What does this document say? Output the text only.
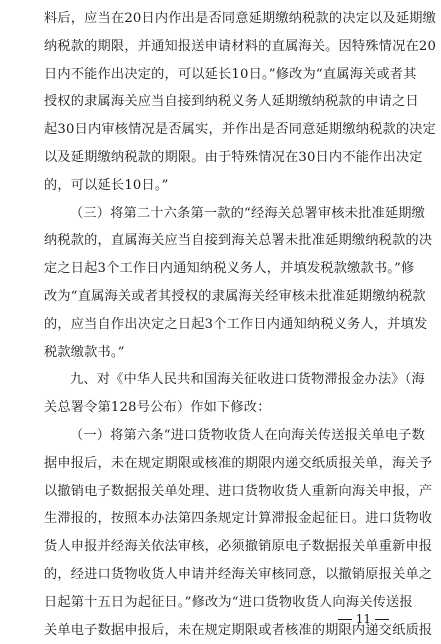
料后，应当在20日内作出是否同意延期缴纳税款的决定以及延期缴
纳税款的期限，并通知报送申请材料的直属海关。因特殊情况在20
日内不能作出决定的，可以延长10日。”修改为“直属海关或者其
授权的隶属海关应当自接到纳税义务人延期缴纳税款的申请之日
起30日内审核情况是否属实，并作出是否同意延期缴纳税款的决定
以及延期缴纳税款的期限。由于特殊情况在30日内不能作出决定
的，可以延长10日。”
（三）将第二十六条第一款的“经海关总署审核未批准延期缴
纳税款的，直属海关应当自接到海关总署未批准延期缴纳税款的决
定之日起3个工作日内通知纳税义务人，并填发税款缴款书。”修
改为“直属海关或者其授权的隶属海关经审核未批准延期缴纳税款
的，应当自作出决定之日起3个工作日内通知纳税义务人，并填发
税款缴款书。”
九、对《中华人民共和国海关征收进口货物滞报金办法》（海
关总署令第128号公布）作如下修改：
（一）将第六条“进口货物收货人在向海关传送报关单电子数
据申报后，未在规定期限或核准的期限内递交纸质报关单，海关予
以撤销电子数据报关单处理、进口货物收货人重新向海关申报，产
生滞报的，按照本办法第四条规定计算滞报金起征日。进口货物收
货人申报并经海关依法审核，必须撤销原电子数据报关单重新申报
的，经进口货物收货人申请并经海关审核同意，以撤销原报关单之
日起第十五日为起征日。”修改为“进口货物收货人向海关传送报
关单电子数据申报后，未在规定期限或者核准的期限内递交纸质报
11
